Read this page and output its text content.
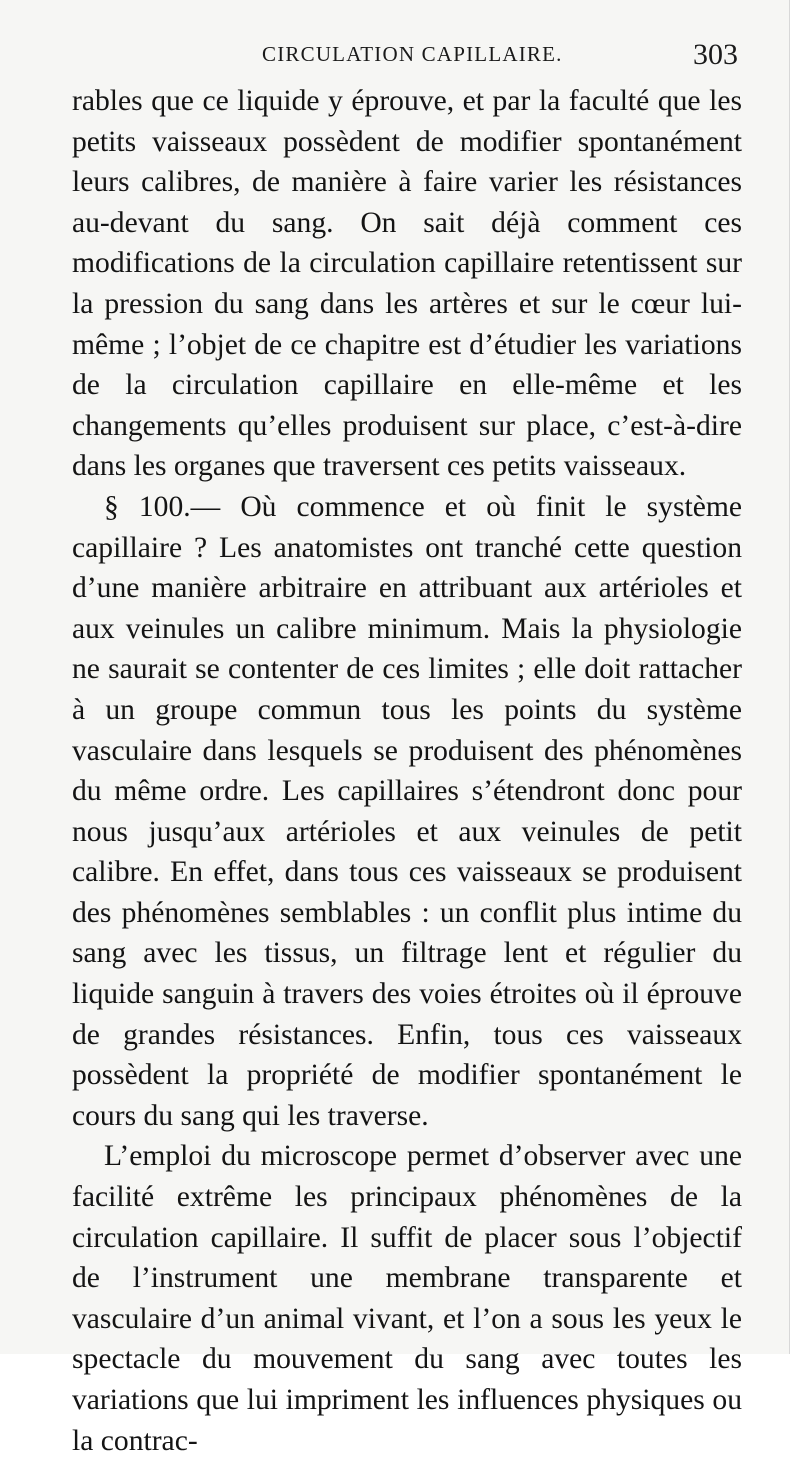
CIRCULATION CAPILLAIRE.	303

rables que ce liquide y éprouve, et par la faculté que les petits vaisseaux possèdent de modifier spontanément leurs calibres, de manière à faire varier les résistances au-devant du sang. On sait déjà comment ces modifications de la circulation capillaire retentissent sur la pression du sang dans les artères et sur le cœur lui-même ; l’objet de ce chapitre est d’étudier les variations de la circulation capillaire en elle-même et les changements qu’elles produisent sur place, c’est-à-dire dans les organes que traversent ces petits vaisseaux.

§ 100.— Où commence et où finit le système capillaire ? Les anatomistes ont tranché cette question d’une manière arbitraire en attribuant aux artérioles et aux veinules un calibre minimum. Mais la physiologie ne saurait se contenter de ces limites ; elle doit rattacher à un groupe commun tous les points du système vasculaire dans lesquels se produisent des phénomènes du même ordre. Les capillaires s’étendront donc pour nous jusqu’aux artérioles et aux veinules de petit calibre. En effet, dans tous ces vaisseaux se produisent des phénomènes semblables : un conflit plus intime du sang avec les tissus, un filtrage lent et régulier du liquide sanguin à travers des voies étroites où il éprouve de grandes résistances. Enfin, tous ces vaisseaux possèdent la propriété de modifier spontanément le cours du sang qui les traverse.

L’emploi du microscope permet d’observer avec une facilité extrême les principaux phénomènes de la circulation capillaire. Il suffit de placer sous l’objectif de l’instrument une membrane transparente et vasculaire d’un animal vivant, et l’on a sous les yeux le spectacle du mouvement du sang avec toutes les variations que lui impriment les influences physiques ou la contrac-
